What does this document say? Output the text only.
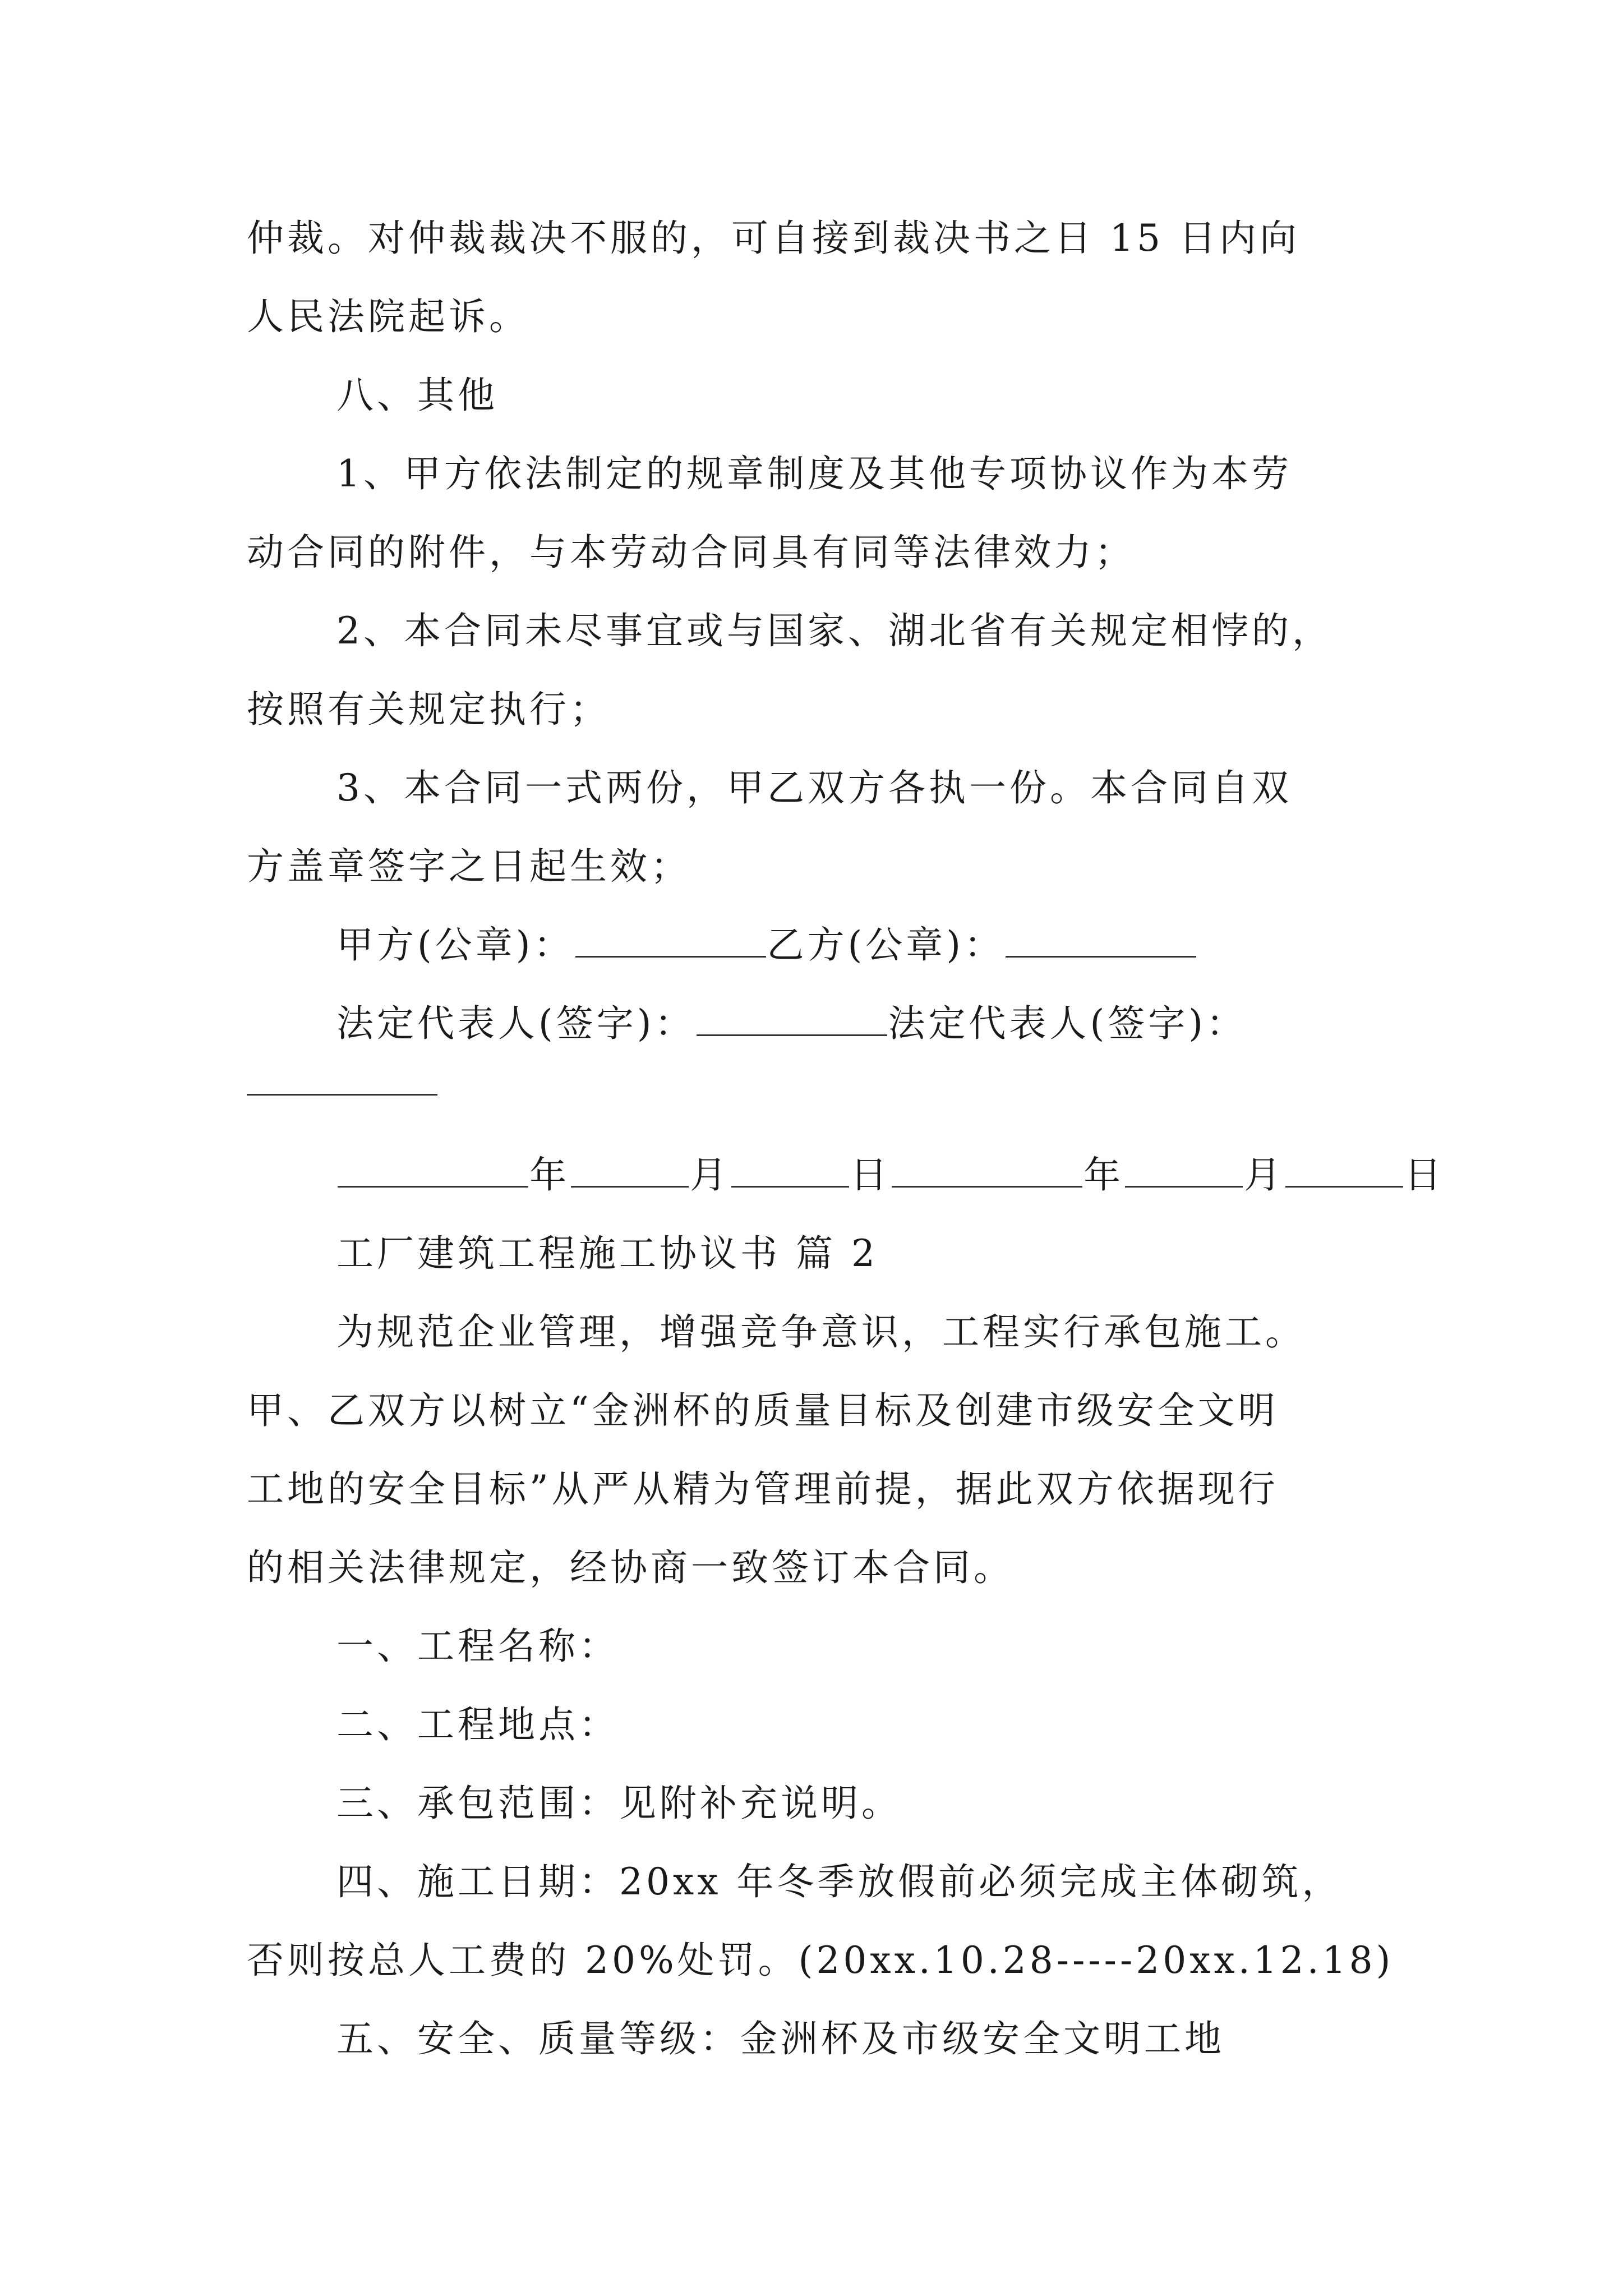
仲裁。对仲裁裁决不服的，可自接到裁决书之日 15 日内向
人民法院起诉。
八、其他
1、甲方依法制定的规章制度及其他专项协议作为本劳
动合同的附件，与本劳动合同具有同等法律效力；
2、本合同未尽事宜或与国家、湖北省有关规定相悖的，
按照有关规定执行；
3、本合同一式两份，甲乙双方各执一份。本合同自双
方盖章签字之日起生效；
甲方(公章)：	乙方(公章)：
法定代表人(签字)：	法定代表人(签字)：
年	月	日	年	月	日
工厂建筑工程施工协议书 篇 2
为规范企业管理，增强竞争意识，工程实行承包施工。
甲、乙双方以树立“金洲杯的质量目标及创建市级安全文明
工地的安全目标”从严从精为管理前提，据此双方依据现行
的相关法律规定，经协商一致签订本合同。
一、工程名称：
二、工程地点：
三、承包范围：见附补充说明。
四、施工日期：20xx 年冬季放假前必须完成主体砌筑，
否则按总人工费的 20%处罚。(20xx.10.28-----20xx.12.18)
五、安全、质量等级：金洲杯及市级安全文明工地
